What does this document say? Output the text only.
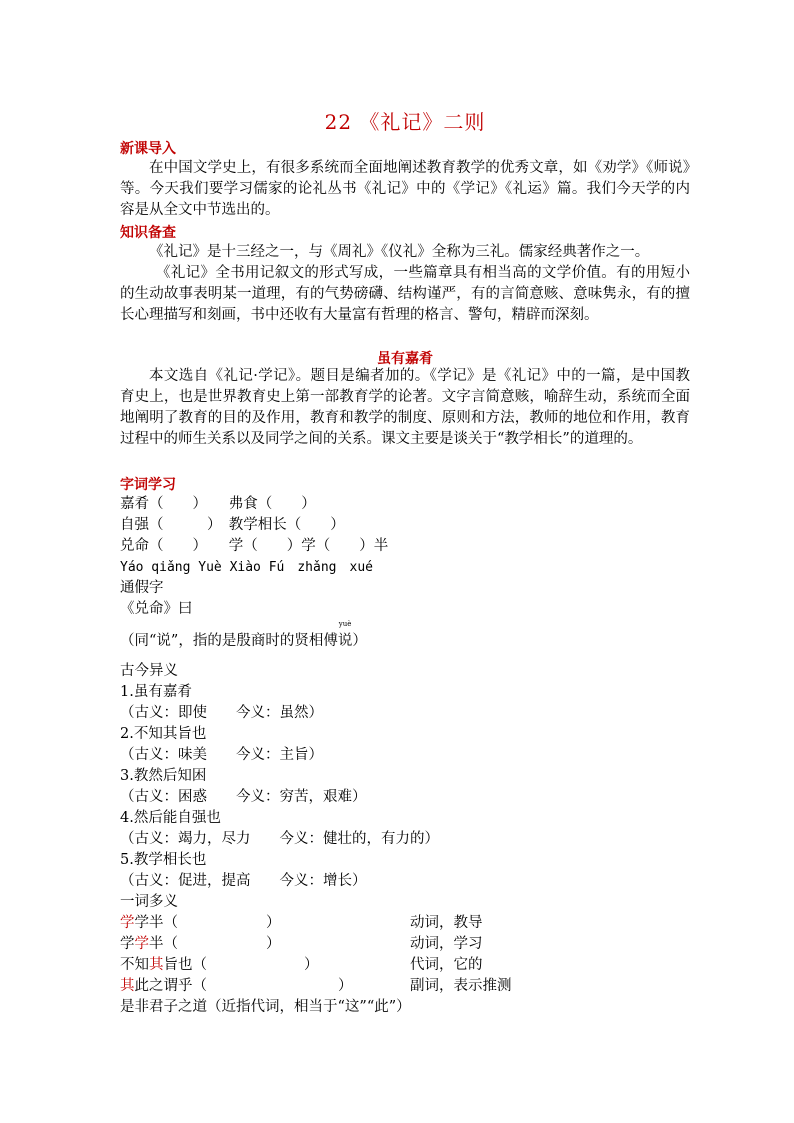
22 《礼记》二则
新课导入
在中国文学史上，有很多系统而全面地阐述教育教学的优秀文章，如《劝学》《师说》等。今天我们要学习儒家的论礼丛书《礼记》中的《学记》《礼运》篇。我们今天学的内容是从全文中节选出的。
知识备查
《礼记》是十三经之一，与《周礼》《仪礼》全称为三礼。儒家经典著作之一。
《礼记》全书用记叙文的形式写成，一些篇章具有相当高的文学价值。有的用短小的生动故事表明某一道理，有的气势磅礴、结构谨严，有的言简意赅、意味隽永，有的擅长心理描写和刻画，书中还收有大量富有哲理的格言、警句，精辟而深刻。
虽有嘉肴
本文选自《礼记·学记》。题目是编者加的。《学记》是《礼记》中的一篇，是中国教育史上，也是世界教育史上第一部教育学的论著。文字言简意赅，喻辞生动，系统而全面地阐明了教育的目的及作用，教育和教学的制度、原则和方法，教师的地位和作用，教育过程中的师生关系以及同学之间的关系。课文主要是谈关于“教学相长”的道理的。
字词学习
嘉肴（　　）　　弗食（　　）
自强（　　　）　教学相长（　　）
兑命（　　）　　学（　　）学（　　）半
Yáo qiǎng Yuè Xiào Fú　zhǎng　xué
通假字
《兑命》曰
（同“说”，指的是殷商时的贤相傅
yuè
说）
古今异义
1.虽有嘉肴
（古义：即使　　今义：虽然）
2.不知其旨也
（古义：味美　　今义：主旨）
3.教然后知困
（古义：困惑　　今义：穷苦，艰难）
4.然后能自强也
（古义：竭力，尽力　　今义：健壮的，有力的）
5.教学相长也
（古义：促进，提高　　今义：增长）
一词多义
学学半（	）	动词，教导
学学半（	）	动词，学习
不知其旨也（	）	代词，它的
其此之谓乎（	）	副词，表示推测
是非君子之道（近指代词，相当于“这”“此”）
